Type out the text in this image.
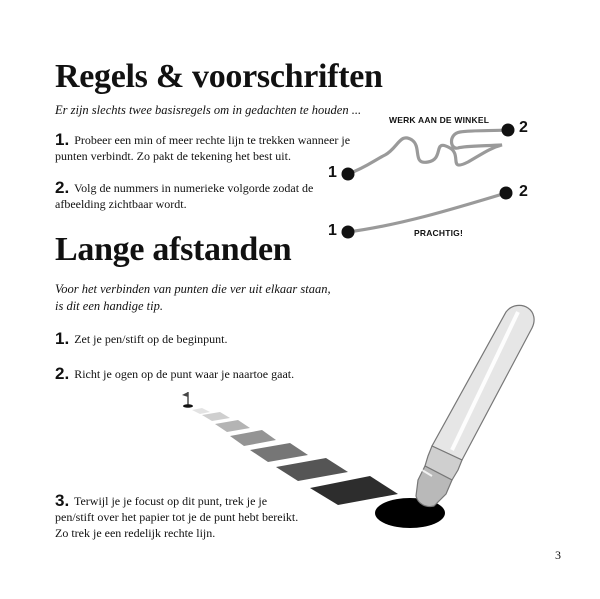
Regels & voorschriften
Er zijn slechts twee basisregels om in gedachten te houden ...
1. Probeer een min of meer rechte lijn te trekken wanneer je punten verbindt. Zo pakt de tekening het best uit.
2. Volg de nummers in numerieke volgorde zodat de afbeelding zichtbaar wordt.
WERK AAN DE WINKEL
PRACHTIG!
1
2
1
2
Lange afstanden
Voor het verbinden van punten die ver uit elkaar staan,
is dit een handige tip.
1. Zet je pen/stift op de beginpunt.
2. Richt je ogen op de punt waar je naartoe gaat.
3. Terwijl je je focust op dit punt, trek je je
pen/stift over het papier tot je de punt hebt bereikt.
Zo trek je een redelijk rechte lijn.
3
